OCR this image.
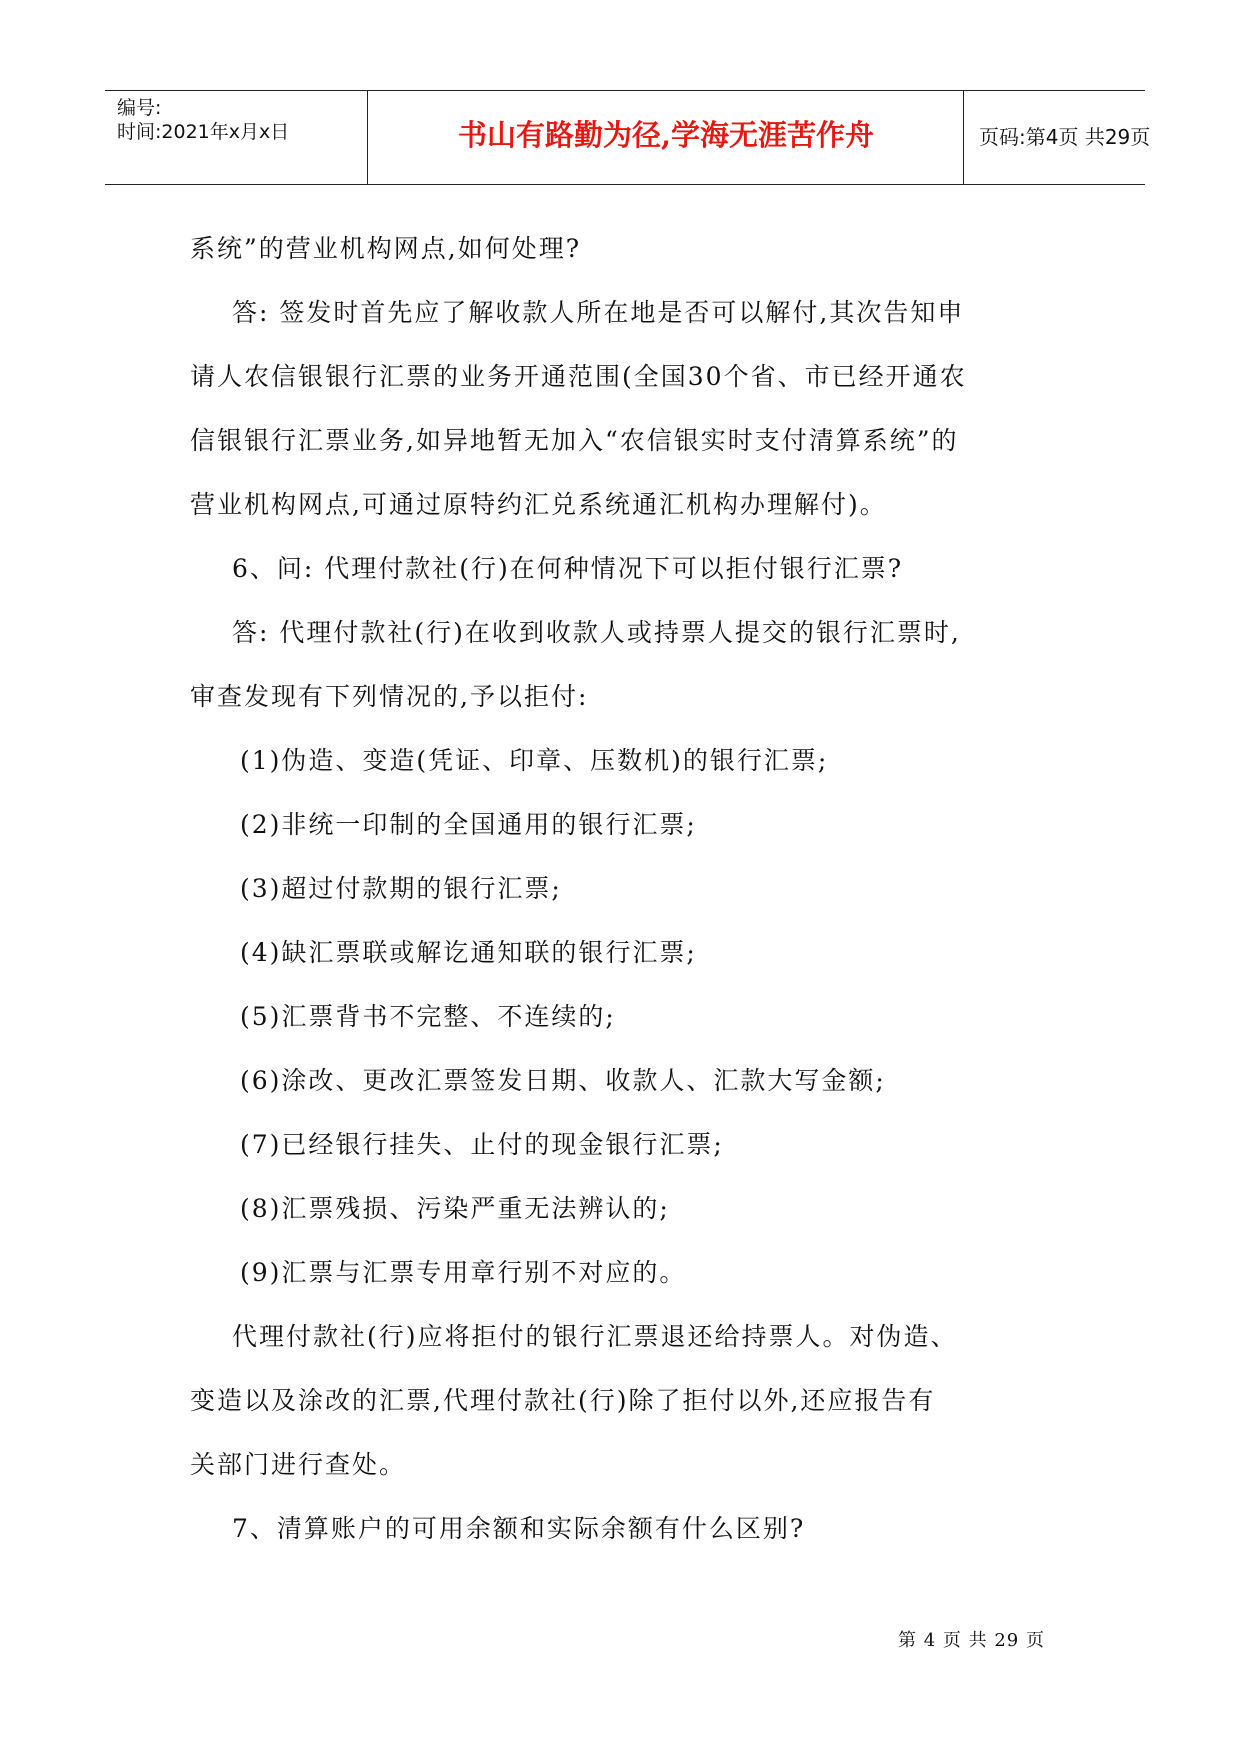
编号:
时间:2021年x月x日	书山有路勤为径,学海无涯苦作舟	页码:第4页 共29页
系统”的营业机构网点,如何处理?
答: 签发时首先应了解收款人所在地是否可以解付,其次告知申
请人农信银银行汇票的业务开通范围(全国30个省、市已经开通农
信银银行汇票业务,如异地暂无加入“农信银实时支付清算系统”的
营业机构网点,可通过原特约汇兑系统通汇机构办理解付)。
6、问: 代理付款社(行)在何种情况下可以拒付银行汇票?
答: 代理付款社(行)在收到收款人或持票人提交的银行汇票时,
审查发现有下列情况的,予以拒付:
(1)伪造、变造(凭证、印章、压数机)的银行汇票;
(2)非统一印制的全国通用的银行汇票;
(3)超过付款期的银行汇票;
(4)缺汇票联或解讫通知联的银行汇票;
(5)汇票背书不完整、不连续的;
(6)涂改、更改汇票签发日期、收款人、汇款大写金额;
(7)已经银行挂失、止付的现金银行汇票;
(8)汇票残损、污染严重无法辨认的;
(9)汇票与汇票专用章行别不对应的。
代理付款社(行)应将拒付的银行汇票退还给持票人。对伪造、
变造以及涂改的汇票,代理付款社(行)除了拒付以外,还应报告有
关部门进行查处。
7、清算账户的可用余额和实际余额有什么区别?
第 4 页 共 29 页
